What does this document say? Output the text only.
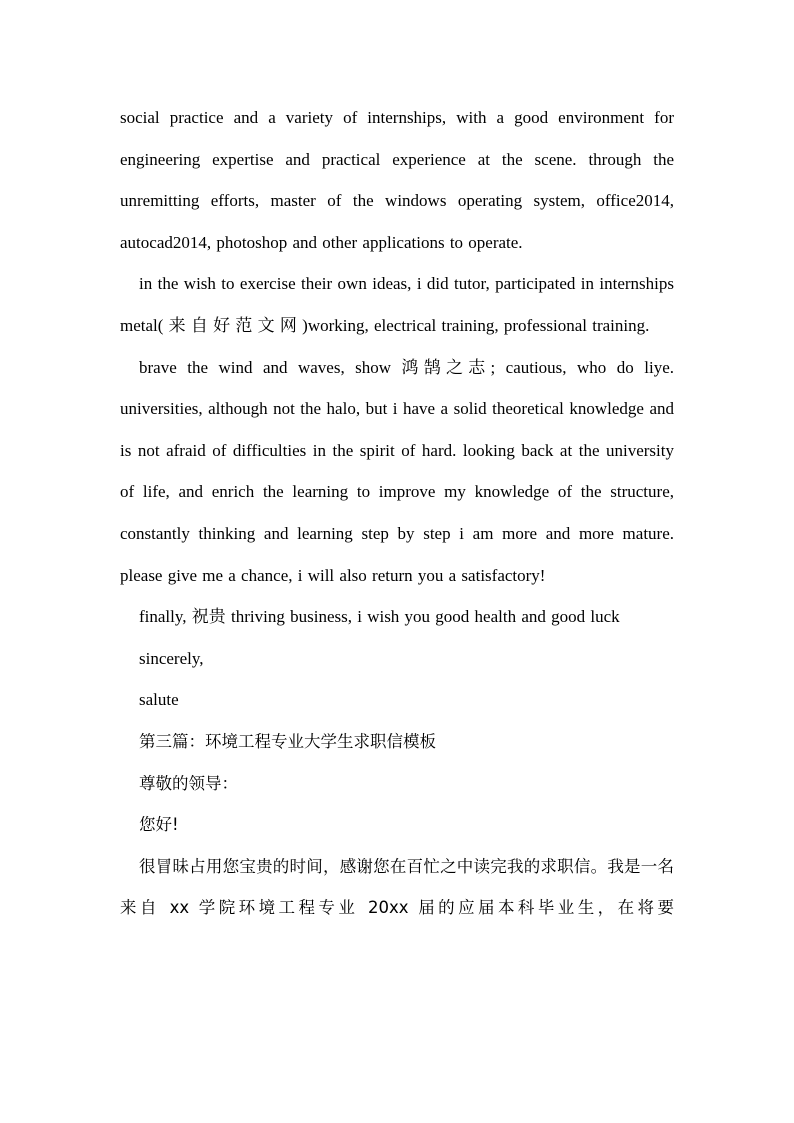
social practice and a variety of internships, with a good environment for engineering expertise and practical experience at the scene. through the unremitting efforts, master of the windows operating system, office2014, autocad2014, photoshop and other applications to operate.

in the wish to exercise their own ideas, i did tutor, participated in internships metal( 来 自 好 范 文 网 )working, electrical training, professional training.

brave the wind and waves, show 鸿鹄之志; cautious, who do liye. universities, although not the halo, but i have a solid theoretical knowledge and is not afraid of difficulties in the spirit of hard. looking back at the university of life, and enrich the learning to improve my knowledge of the structure, constantly thinking and learning step by step i am more and more mature. please give me a chance, i will also return you a satisfactory!

finally, 祝贵 thriving business, i wish you good health and good luck

sincerely,

salute

第三篇：环境工程专业大学生求职信模板

尊敬的领导：

您好!

很冒昧占用您宝贵的时间，感谢您在百忙之中读完我的求职信。我是一名来自 xx 学院环境工程专业 20xx 届的应届本科毕业生，在将要
